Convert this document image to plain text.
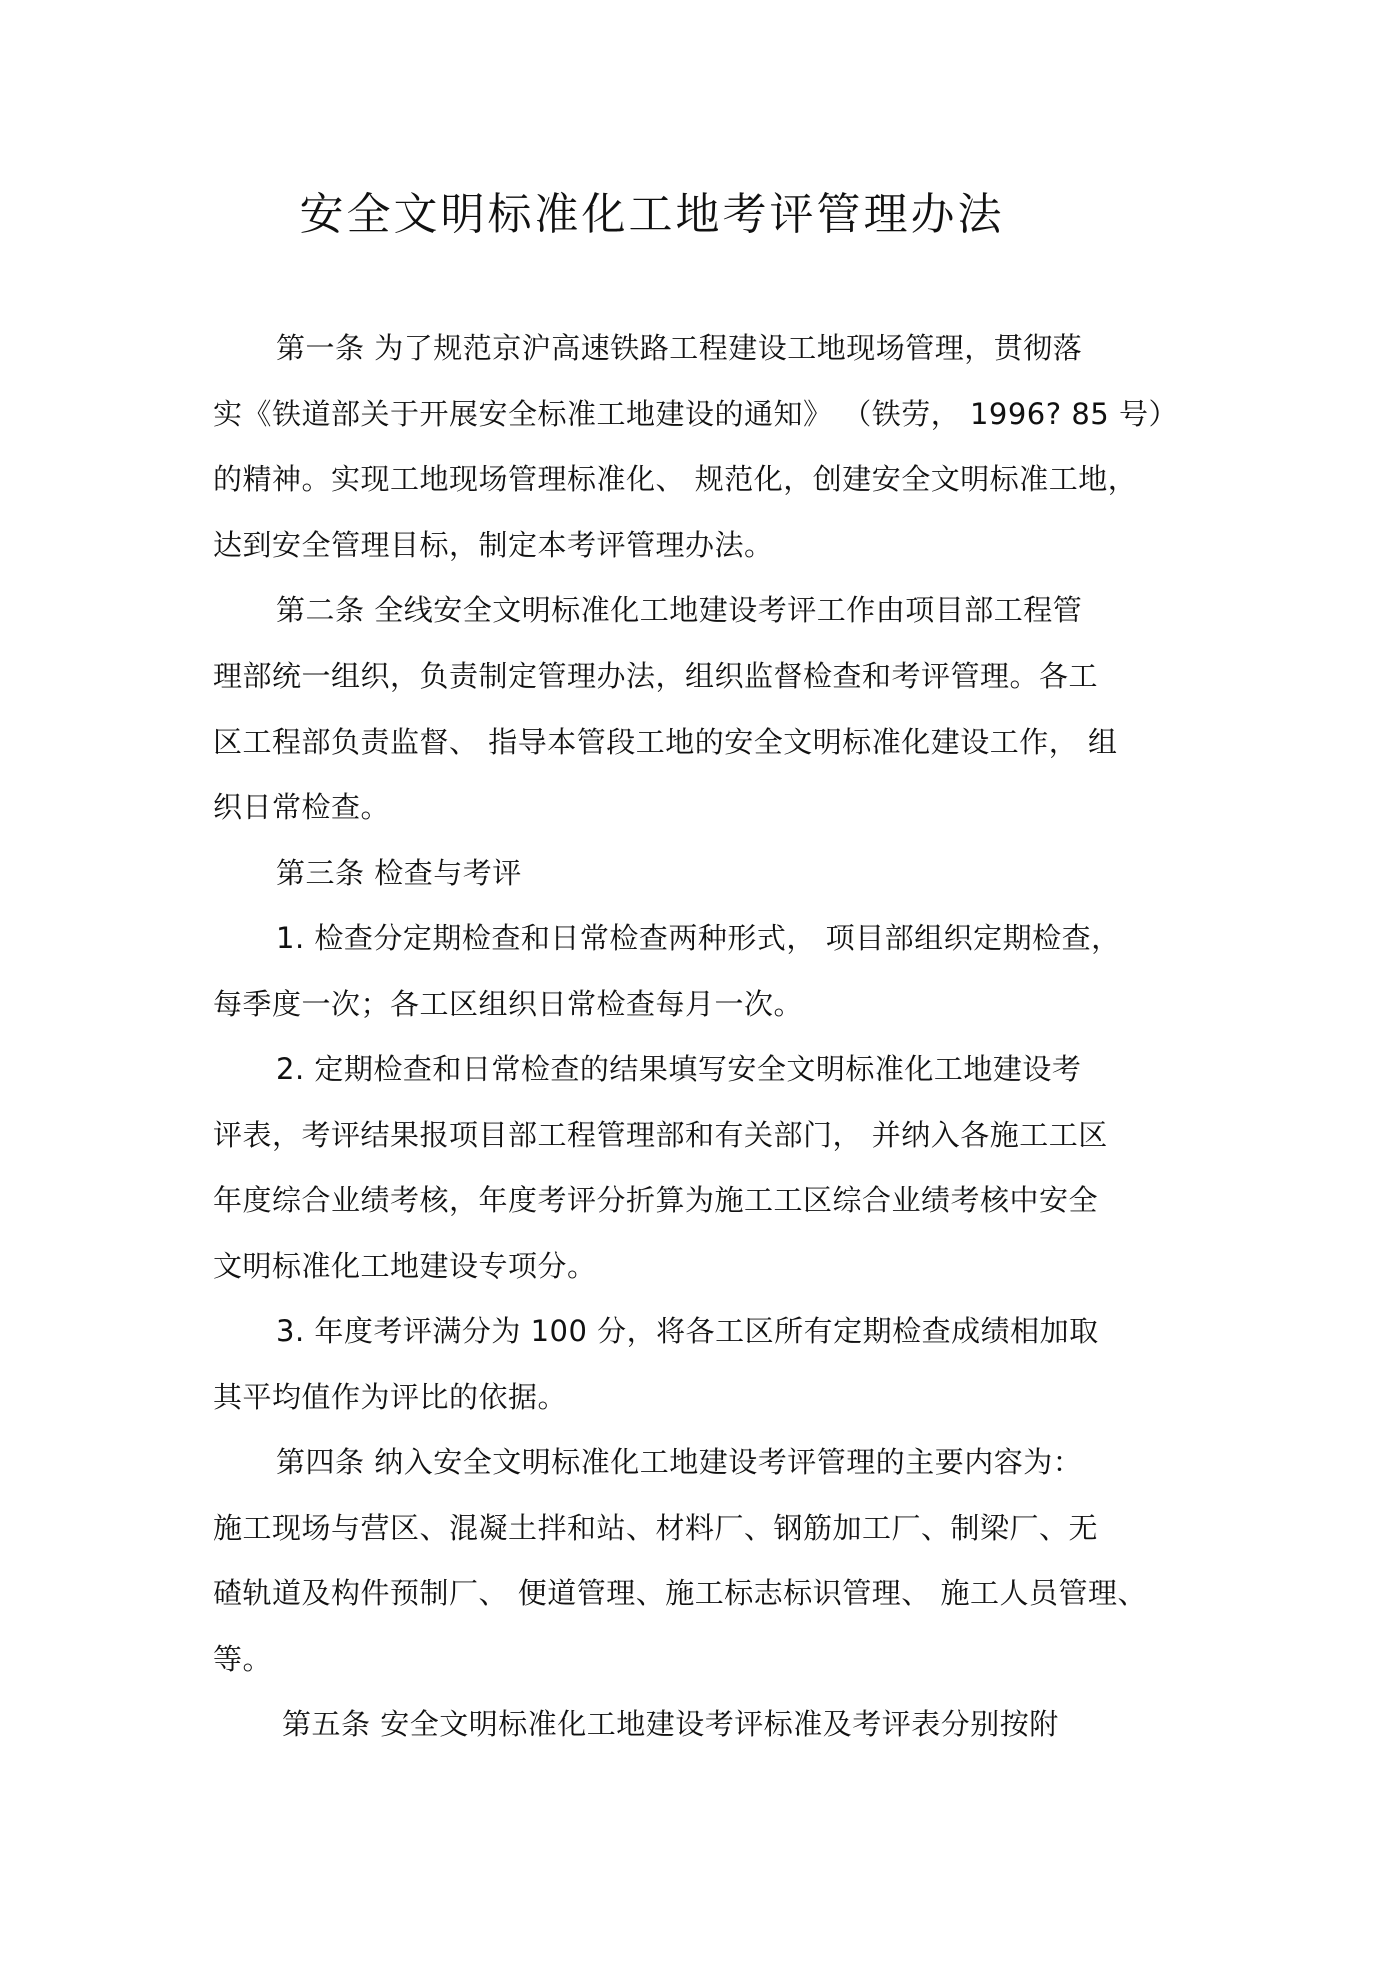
安全文明标准化工地考评管理办法
第一条 为了规范京沪高速铁路工程建设工地现场管理，贯彻落
实《铁道部关于开展安全标准工地建设的通知》 （铁劳， 1996? 85 号）
的精神。实现工地现场管理标准化、 规范化，创建安全文明标准工地，
达到安全管理目标，制定本考评管理办法。
第二条 全线安全文明标准化工地建设考评工作由项目部工程管
理部统一组织，负责制定管理办法，组织监督检查和考评管理。各工
区工程部负责监督、 指导本管段工地的安全文明标准化建设工作， 组
织日常检查。
第三条 检查与考评
1. 检查分定期检查和日常检查两种形式， 项目部组织定期检查，
每季度一次；各工区组织日常检查每月一次。
2. 定期检查和日常检查的结果填写安全文明标准化工地建设考
评表，考评结果报项目部工程管理部和有关部门， 并纳入各施工工区
年度综合业绩考核，年度考评分折算为施工工区综合业绩考核中安全
文明标准化工地建设专项分。
3. 年度考评满分为 100 分，将各工区所有定期检查成绩相加取
其平均值作为评比的依据。
第四条 纳入安全文明标准化工地建设考评管理的主要内容为：
施工现场与营区、混凝土拌和站、材料厂、钢筋加工厂、制梁厂、无
碴轨道及构件预制厂、 便道管理、施工标志标识管理、 施工人员管理、
等。
第五条 安全文明标准化工地建设考评标准及考评表分别按附
